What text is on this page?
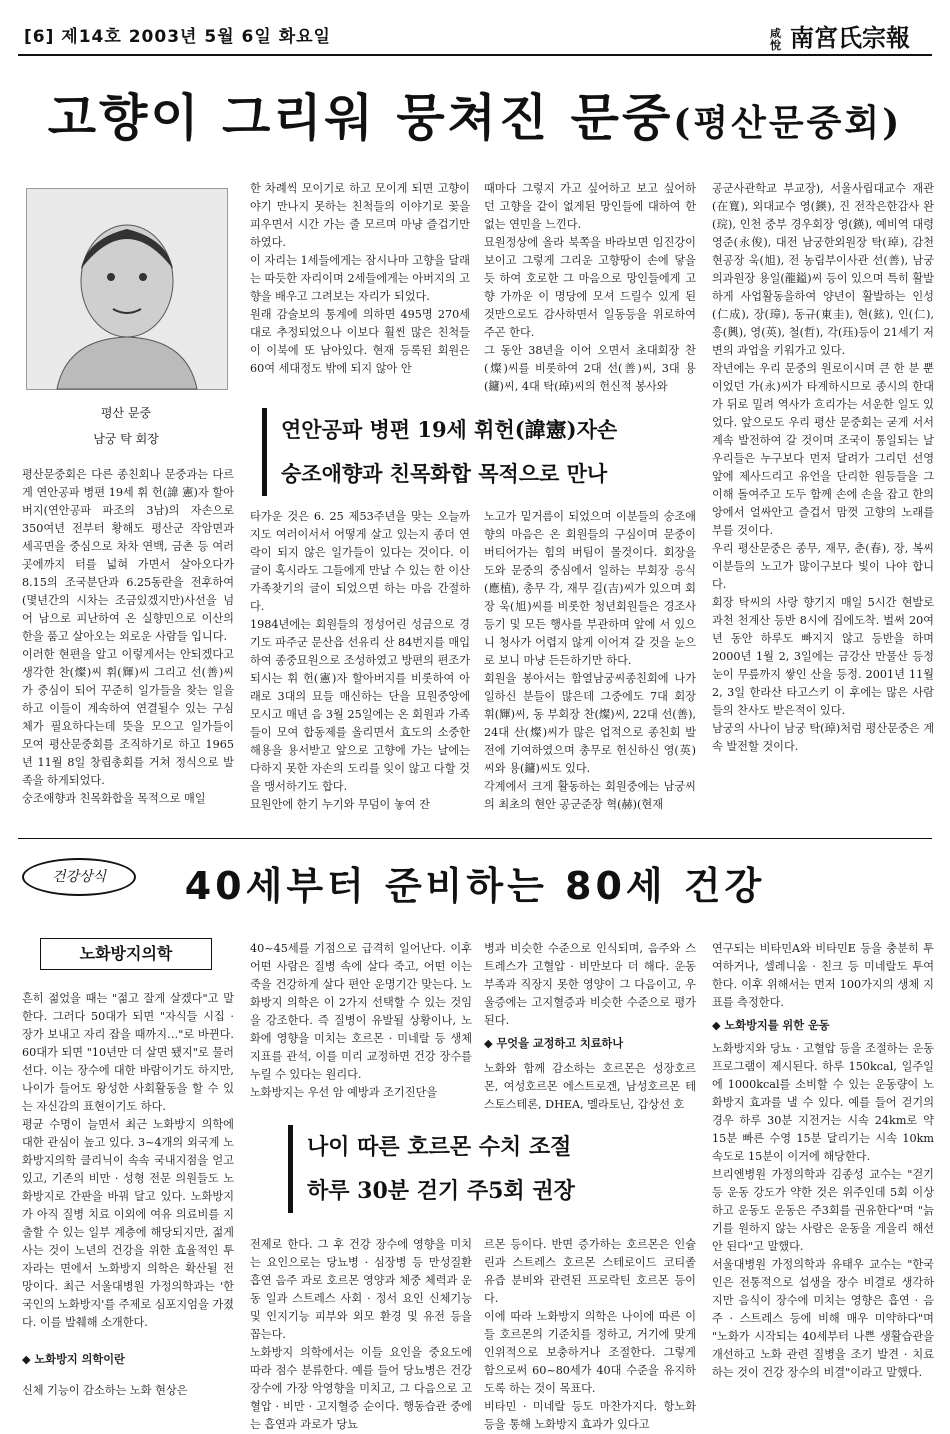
[6] 제14호 2003년 5월 6일 화요일	咸悅 南宮氏宗報
고향이 그리워 뭉쳐진 문중(평산문중회)
평산 문중
남궁 탁 회장
평산문중회은 다른 종친회나 문중과는 다르게 연안공파 병편 19세 휘 헌(諱 憲)자 할아버지(연안공파 파조의 3남)의 자손으로 350여년 전부터 황해도 평산군 작암면과 세곡면을 중심으로 차차 연백, 금촌 등 여러곳에까지 터를 넓혀 가면서 살아오다가 8.15의 조국분단과 6.25동란을 전후하여(몇년간의 시차는 조금있겠지만)사선을 넘어 남으로 피난하여 온 실향민으로 이산의 한을 품고 살아오는 외로운 사람들 입니다.
이러한 현편을 알고 이렇게서는 안되겠다고 생각한 찬(燦)씨 휘(輝)씨 그리고 선(善)씨가 중심이 되어 꾸준히 일가들을 찾는 일을 하고 이들이 계속하여 연결될수 있는 구심체가 필요하다는데 뜻을 모으고 일가들이 모여 평산문중회를 조직하기로 하고 1965년 11월 8일 창립총회를 거쳐 정식으로 발족을 하게되었다.
숭조애향과 친목화합을 목적으로 매일
한 차례씩 모이기로 하고 모이게 되면 고향이야기 만나지 못하는 친척들의 이야기로 꽃을 피우면서 시간 가는 줄 모르며 마냥 즐겁기만 하였다.
이 자리는 1세들에게는 잠시나마 고향을 달래는 따듯한 자리이며 2세들에게는 아버지의 고향을 배우고 그려보는 자리가 되었다.
원래 감술보의 통계에 의하면 495명 270세대로 추정되었으나 이보다 훨씬 많은 친척들이 이북에 또 남아있다. 현재 등록된 회원은 60여 세대정도 밖에 되지 않아 안
때마다 그렇지 가고 싶어하고 보고 싶어하던 고향을 같이 없게된 망인들에 대하여 한없는 연민을 느낀다.
묘원정상에 올라 북쪽을 바라보면 임진강이 보이고 그렇게 그리운 고향땅이 손에 닿을 듯 하여 호로한 그 마음으로 망인들에게 고향 가까운 이 명당에 모셔 드릴수 있게 된 것만으로도 감사하면서 일동등을 위로하여 주곤 한다.
그 동안 38년을 이어 오면서 초대회장 찬(燦)씨를 비롯하여 2대 선(善)씨, 3대 용(鏞)씨, 4대 탁(琸)씨의 헌신적 봉사와
공군사관학교 부교장), 서울사립대교수 재관(在寬), 외대교수 영(鍈), 진 전작은한감사 완(琓), 인천 중부 경우회장 영(鍈), 예비역 대령 영준(永俊), 대전 남궁한외원장 탁(琸), 감천현공장 욱(旭), 전 농림부이사관 선(善), 남궁의과원장 용일(龍鎰)씨 등이 있으며 특히 활발하게 사업활동을하여 양년이 활발하는 인성(仁成), 장(璋), 동규(東圭), 현(鉉), 인(仁), 흥(興), 영(英), 철(哲), 각(珏)등이 21세기 저변의 과업을 키워가고 있다.
작년에는 우리 문중의 원로이시며 큰 한 분 뿐이었던 가(永)씨가 타계하시므로 종시의 한대가 뒤로 밀려 역사가 흐리가는 서운한 일도 있었다. 앞으로도 우리 평산 문중회는 굳게 서서 계속 발전하여 갈 것이며 조국이 통일되는 날 우리들은 누구보다 먼저 달려가 그리던 선영앞에 제사드리고 유언을 단리한 원등들을 그이해 돌여주고 도두 함께 손에 손을 잡고 한의앙에서 얼싸안고 즐겁서 맘껏 고향의 노래를 부를 것이다.
우리 평산문중은 종무, 재무, 춘(春), 장, 복씨 이분들의 노고가 많이구보다 빛이 나야 합니다.
회장 탁씨의 사랑 향기지 매일 5시간 현발로 과천 천계산 등반 8시에 집에도착. 벌써 20여년 동안 하루도 빠지지 않고 등반을 하며 2000년 1월 2, 3일에는 금강산 만물산 등정 눈이 무릎까지 쌓인 산을 등정. 2001년 11월2, 3일 한라산 타고스키 이 후에는 많은 사람들의 찬사도 받은적이 있다.
남궁의 사나이 남궁 탁(琸)처럼 평산문중은 계속 발전할 것이다.
연안공파 병편 19세 휘헌(諱憲)자손
숭조애향과 친목화합 목적으로 만나
타가운 것은 6. 25 제53주년을 맞는 오늘까지도 여러이서서 어떻게 살고 있는지 종더 연락이 되지 않은 일가들이 있다는 것이다. 이 글이 혹시라도 그들에게 만날 수 있는 한 이산 가족찾기의 글이 되었으면 하는 마음 간절하다.
1984년에는 회원들의 정성어린 성금으로 경기도 파주군 문산읍 선유리 산 84번지를 매입하여 종중묘원으로 조성하였고 방편의 편조가 되시는 휘 헌(憲)자 할아버지를 비롯하여 아래로 3대의 묘들 매신하는 단을 묘원중앙에 모시고 매년 음 3월 25일에는 온 회원과 가족들이 모여 합동제를 올리면서 효도의 소중한 해용을 용서받고 앞으로 고향에 가는 날에는 다하지 못한 자손의 도리를 잊이 않고 다할 것을 맹서하기도 합다.
묘원안에 한기 누기와 무덤이 놓여 잔
노고가 밑거름이 되었으며 이분들의 숭조애향의 마음은 온 회원들의 구심이며 문중이 버티어가는 힘의 버팀이 몰것이다. 회장을 도와 문중의 중심에서 일하는 부회장 응식(應植), 총무 각, 재무 길(吉)씨가 있으며 회장 욱(旭)씨를 비롯한 청년회원들은 경조사 등기 및 모든 행사를 부관하며 앞에 서 있으니 청사가 어렵지 않게 이어져 갈 것을 눈으로 보니 마냥 든든하기만 하다.
회원을 봉아서는 함열남궁씨종친회에 나가 일하신 분들이 많은데 그중에도 7대 회장 휘(輝)씨, 동 부회장 찬(燦)씨, 22대 선(善), 24대 산(燦)씨가 많은 업적으로 종친회 발전에 기여하였으며 총무로 헌신하신 영(英)씨와 용(鏞)씨도 있다.
각계에서 크게 활동하는 회원중에는 남궁씨의 최초의 현안 공군준장 혁(赫)(현재
건강상식	40세부터 준비하는 80세 건강
노화방지의학
흔히 젊었을 때는 "젊고 잘게 살겠다"고 말한다. 그러다 50대가 되면 "자식들 시집 · 장가 보내고 자리 잡을 때까지…"로 바뀐다. 60대가 되면 "10년만 더 살면 됐지"로 물러선다. 이는 장수에 대한 바람이기도 하지만, 나이가 들어도 왕성한 사회활동을 할 수 있는 자신감의 표현이기도 하다.
평균 수명이 늘면서 최근 노화방지 의학에 대한 관심이 높고 있다. 3~4개의 외국계 노화방지의학 클리닉이 속속 국내지점을 얻고 있고, 기존의 비만 · 성형 전문 의원들도 노화방지로 간판을 바꿔 달고 있다. 노화방지가 아직 질병 치료 이외에 여유 의료비를 지출할 수 있는 일부 계층에 해당되지만, 젊게 사는 것이 노년의 건강을 위한 효율적인 투자라는 면에서 노화방지 의학은 확산될 전망이다. 최근 서울대병원 가정의학과는 '한국인의 노화방지'를 주제로 심포지엄을 가졌다. 이를 발췌해 소개한다.
◆ 노화방지 의학이란
신체 기능이 감소하는 노화 현상은
40~45세를 기점으로 급격히 일어난다. 이후 어떤 사람은 질병 속에 살다 죽고, 어떤 이는 죽을 건강하게 살다 편안 운명기간 맞는다. 노화방지 의학은 이 2가지 선택할 수 있는 것임을 강조한다. 즉 질병이 유발될 상황이나, 노화에 영향을 미치는 호르몬 · 미네랄 등 생체 지표를 관석, 이를 미리 교정하면 건강 장수를 누릴 수 있다는 원리다.
노화방지는 우선 암 예방과 조기진단을
병과 비슷한 수준으로 인식되며, 음주와 스트레스가 고혈압 · 비만보다 더 해다. 운동부족과 직장지 못한 영양이 그 다음이고, 우울증에는 고지혈증과 비슷한 수준으로 평가된다.
◆ 무엇을 교정하고 치료하나
노화와 함께 감소하는 호르몬은 성장호르몬, 여성호르몬 에스트로겐, 남성호르몬 테스토스테론, DHEA, 멜라토닌, 갑상선 호
연구되는 비타민A와 비타민E 등을 충분히 투여하거나, 셀레니움 · 친크 등 미네랄도 투여한다. 이후 위해서는 먼저 100가지의 생체 지표를 측정한다.
◆ 노화방지를 위한 운동
노화방지와 당뇨 · 고혈압 등을 조절하는 운동 프로그램이 제시된다. 하루 150kcal, 일주일에 1000kcal를 소비할 수 있는 운동량이 노화방지 효과를 낼 수 있다. 예를 들어 걷기의 경우 하루 30분 지전거는 시속 24km로 약 15분 빠른 수영 15분 달리기는 시속 10km 속도로 15분이 이거에 해당한다.
브리엔병원 가정의학과 김종성 교수는 "걷기 등 운동 강도가 약한 것은 위주인데 5회 이상 하고 운동도 운동은 주3회를 권유한다"며 "늙기를 원하지 않는 사람은 운동을 게을리 해선 안 된다"고 말했다.
서울대병원 가정의학과 유태우 교수는 "한국인은 전통적으로 섭생을 장수 비결로 생각하지만 음식이 장수에 미치는 영향은 흡연 · 음주 · 스트레스 등에 비해 매우 미약하다"며 "노화가 시작되는 40세부터 나쁜 생활습관을 개선하고 노화 관련 질병을 조기 발견 · 치료하는 것이 건강 장수의 비결"이라고 말했다.
나이 따른 호르몬 수치 조절
하루 30분 걷기 주5회 권장
전제로 한다. 그 후 건강 장수에 영향을 미치는 요인으로는 당뇨병 · 심장병 등 만성질환 흡연 음주 과로 호르몬 영양과 체중 체력과 운동 일과 스트레스 사회 · 정서 요인 신체기능 및 인지기능 피부와 외모 환경 및 유전 등을 꼽는다.
노화방지 의학에서는 이들 요인을 중요도에 따라 점수 분류한다. 예를 들어 당뇨병은 건강 장수에 가장 악영향을 미치고, 그 다음으로 고혈압 · 비만 · 고지혈증 순이다. 행동습관 중에는 흡연과 과로가 당뇨
르몬 등이다. 반면 증가하는 호르몬은 인슐린과 스트레스 호르몬 스테로이드 코티졸 유즙 분비와 관련된 프로락틴 호르몬 등이다.
이에 따라 노화방지 의학은 나이에 따른 이들 호르몬의 기준치를 정하고, 거기에 맞게 인위적으로 보충하거나 조절한다. 그렇게 함으로써 60~80세가 40대 수준을 유지하도록 하는 것이 목표다.
비타민 · 미네랄 등도 마찬가지다. 항노화 등을 통해 노화방지 효과가 있다고
